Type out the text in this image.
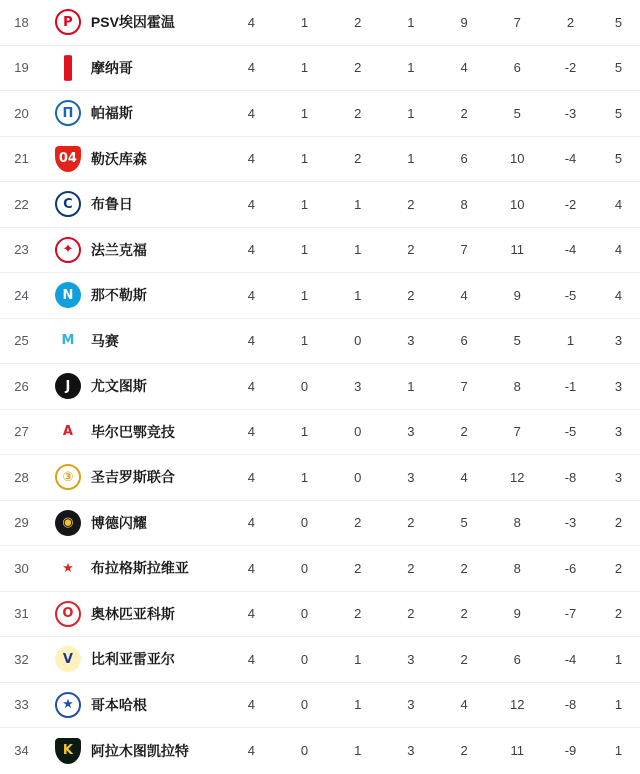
18	P PSV埃因霍温	4	1	2	1	9	7	2	5
19	摩纳哥	4	1	2	1	4	6	-2	5
20	Π 帕福斯	4	1	2	1	2	5	-3	5
21	04 勒沃库森	4	1	2	1	6	10	-4	5
22	C 布鲁日	4	1	1	2	8	10	-2	4
23	✦ 法兰克福	4	1	1	2	7	11	-4	4
24	N 那不勒斯	4	1	1	2	4	9	-5	4
25	M 马赛	4	1	0	3	6	5	1	3
26	J 尤文图斯	4	0	3	1	7	8	-1	3
27	A 毕尔巴鄂竞技	4	1	0	3	2	7	-5	3
28	③ 圣吉罗斯联合	4	1	0	3	4	12	-8	3
29	◉ 博德闪耀	4	0	2	2	5	8	-3	2
30	★ 布拉格斯拉维亚	4	0	2	2	2	8	-6	2
31	Ο 奥林匹亚科斯	4	0	2	2	2	9	-7	2
32	V 比利亚雷亚尔	4	0	1	3	2	6	-4	1
33	★ 哥本哈根	4	0	1	3	4	12	-8	1
34	K 阿拉木图凯拉特	4	0	1	3	2	11	-9	1
